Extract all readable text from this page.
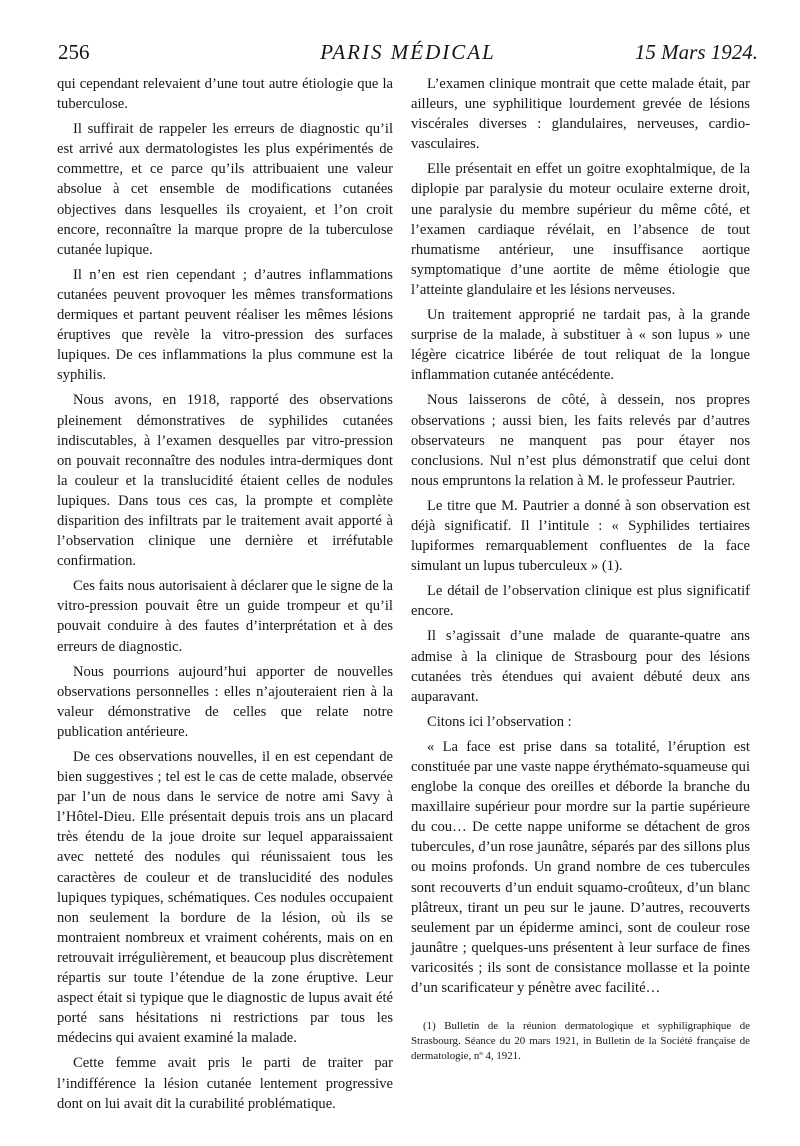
256	PARIS MÉDICAL	15 Mars 1924.

qui cependant relevaient d’une tout autre étiologie que la tuberculose.

Il suffirait de rappeler les erreurs de diagnostic qu’il est arrivé aux dermatologistes les plus expérimentés de commettre, et ce parce qu’ils attribuaient une valeur absolue à cet ensemble de modifications cutanées objectives dans lesquelles ils croyaient, et l’on croit encore, reconnaître la marque propre de la tuberculose cutanée lupique.

Il n’en est rien cependant ; d’autres inflammations cutanées peuvent provoquer les mêmes transformations dermiques et partant peuvent réaliser les mêmes lésions éruptives que revèle la vitro-pression des surfaces lupiques. De ces inflammations la plus commune est la syphilis.

Nous avons, en 1918, rapporté des observations pleinement démonstratives de syphilides cutanées indiscutables, à l’examen desquelles par vitro-pression on pouvait reconnaître des nodules intra-dermiques dont la couleur et la translucidité étaient celles de nodules lupiques. Dans tous ces cas, la prompte et complète disparition des infiltrats par le traitement avait apporté à l’observation clinique une dernière et irréfutable confirmation.

Ces faits nous autorisaient à déclarer que le signe de la vitro-pression pouvait être un guide trompeur et qu’il pouvait conduire à des fautes d’interprétation et à des erreurs de diagnostic.

Nous pourrions aujourd’hui apporter de nouvelles observations personnelles : elles n’ajouteraient rien à la valeur démonstrative de celles que relate notre publication antérieure.

De ces observations nouvelles, il en est cependant de bien suggestives ; tel est le cas de cette malade, observée par l’un de nous dans le service de notre ami Savy à l’Hôtel-Dieu. Elle présentait depuis trois ans un placard très étendu de la joue droite sur lequel apparaissaient avec netteté des nodules qui réunissaient tous les caractères de couleur et de translucidité des nodules lupiques typiques, schématiques. Ces nodules occupaient non seulement la bordure de la lésion, où ils se montraient nombreux et vraiment cohérents, mais on en retrouvait irrégulièrement, et beaucoup plus discrètement répartis sur toute l’étendue de la zone éruptive. Leur aspect était si typique que le diagnostic de lupus avait été porté sans hésitations ni restrictions par tous les médecins qui avaient examiné la malade.

Cette femme avait pris le parti de traiter par l’indifférence la lésion cutanée lentement progressive dont on lui avait dit la curabilité problématique.

L’examen clinique montrait que cette malade était, par ailleurs, une syphilitique lourdement grevée de lésions viscérales diverses : glandulaires, nerveuses, cardio-vasculaires.

Elle présentait en effet un goitre exophtalmique, de la diplopie par paralysie du moteur oculaire externe droit, une paralysie du membre supérieur du même côté, et l’examen cardiaque révélait, en l’absence de tout rhumatisme antérieur, une insuffisance aortique symptomatique d’une aortite de même étiologie que l’atteinte glandulaire et les lésions nerveuses.

Un traitement approprié ne tardait pas, à la grande surprise de la malade, à substituer à « son lupus » une légère cicatrice libérée de tout reliquat de la longue inflammation cutanée antécédente.

Nous laisserons de côté, à dessein, nos propres observations ; aussi bien, les faits relevés par d’autres observateurs ne manquent pas pour étayer nos conclusions. Nul n’est plus démonstratif que celui dont nous empruntons la relation à M. le professeur Pautrier.

Le titre que M. Pautrier a donné à son observation est déjà significatif. Il l’intitule : « Syphilides tertiaires lupiformes remarquablement confluentes de la face simulant un lupus tuberculeux » (1).

Le détail de l’observation clinique est plus significatif encore.

Il s’agissait d’une malade de quarante-quatre ans admise à la clinique de Strasbourg pour des lésions cutanées très étendues qui avaient débuté deux ans auparavant.

Citons ici l’observation :

« La face est prise dans sa totalité, l’éruption est constituée par une vaste nappe érythémato-squameuse qui englobe la conque des oreilles et déborde la branche du maxillaire supérieur pour mordre sur la partie supérieure du cou… De cette nappe uniforme se détachent de gros tubercules, d’un rose jaunâtre, séparés par des sillons plus ou moins profonds. Un grand nombre de ces tubercules sont recouverts d’un enduit squamo-croûteux, d’un blanc plâtreux, tirant un peu sur le jaune. D’autres, recouverts seulement par un épiderme aminci, sont de couleur rose jaunâtre ; quelques-uns présentent à leur surface de fines varicosités ; ils sont de consistance mollasse et la pointe d’un scarificateur y pénètre avec facilité…

(1) Bulletin de la réunion dermatologique et syphiligraphique de Strasbourg. Séance du 20 mars 1921, in Bulletin de la Société française de dermatologie, nº 4, 1921.
